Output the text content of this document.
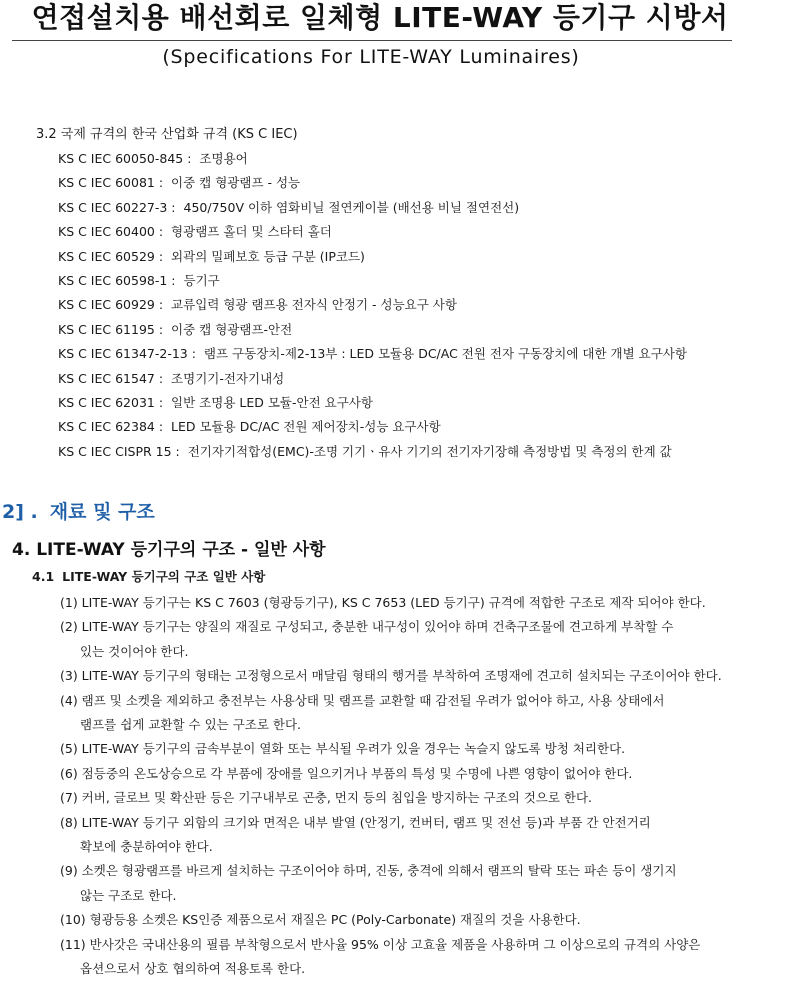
연접설치용 배선회로 일체형 LITE-WAY 등기구 시방서
(Specifications For LITE-WAY Luminaires)
3.2 국제 규격의 한국 산업화 규격 (KS C IEC)
KS C IEC 60050-845 : 조명용어
KS C IEC 60081 : 이중 캡 형광램프 - 성능
KS C IEC 60227-3 : 450/750V 이하 염화비닐 절연케이블 (배선용 비닐 절연전선)
KS C IEC 60400 : 형광램프 홀더 및 스타터 홀더
KS C IEC 60529 : 외곽의 밀폐보호 등급 구분 (IP코드)
KS C IEC 60598-1 : 등기구
KS C IEC 60929 : 교류입력 형광 램프용 전자식 안정기 - 성능요구 사항
KS C IEC 61195 : 이중 캡 형광램프-안전
KS C IEC 61347-2-13 : 램프 구동장치-제2-13부 : LED 모듈용 DC/AC 전원 전자 구동장치에 대한 개별 요구사항
KS C IEC 61547 : 조명기기-전자기내성
KS C IEC 62031 : 일반 조명용 LED 모듈-안전 요구사항
KS C IEC 62384 : LED 모듈용 DC/AC 전원 제어장치-성능 요구사항
KS C IEC CISPR 15 : 전기자기적합성(EMC)-조명 기기ㆍ유사 기기의 전기자기장해 측정방법 및 측정의 한계 값
2] . 재료 및 구조
4. LITE-WAY 등기구의 구조 - 일반 사항
4.1 LITE-WAY 등기구의 구조 일반 사항
(1) LITE-WAY 등기구는 KS C 7603 (형광등기구), KS C 7653 (LED 등기구) 규격에 적합한 구조로 제작 되어야 한다.
(2) LITE-WAY 등기구는 양질의 재질로 구성되고, 충분한 내구성이 있어야 하며 건축구조물에 견고하게 부착할 수
있는 것이어야 한다.
(3) LITE-WAY 등기구의 형태는 고정형으로서 매달림 형태의 행거를 부착하여 조명재에 견고히 설치되는 구조이어야 한다.
(4) 램프 및 소켓을 제외하고 충전부는 사용상태 및 램프를 교환할 때 감전될 우려가 없어야 하고, 사용 상태에서
램프를 쉽게 교환할 수 있는 구조로 한다.
(5) LITE-WAY 등기구의 금속부분이 열화 또는 부식될 우려가 있을 경우는 녹슬지 않도록 방청 처리한다.
(6) 점등중의 온도상승으로 각 부품에 장애를 일으키거나 부품의 특성 및 수명에 나쁜 영향이 없어야 한다.
(7) 커버, 글로브 및 확산판 등은 기구내부로 곤충, 먼지 등의 침입을 방지하는 구조의 것으로 한다.
(8) LITE-WAY 등기구 외함의 크기와 면적은 내부 발열 (안정기, 컨버터, 램프 및 전선 등)과 부품 간 안전거리
확보에 충분하여야 한다.
(9) 소켓은 형광램프를 바르게 설치하는 구조이어야 하며, 진동, 충격에 의해서 램프의 탈락 또는 파손 등이 생기지
않는 구조로 한다.
(10) 형광등용 소켓은 KS인증 제품으로서 재질은 PC (Poly-Carbonate) 재질의 것을 사용한다.
(11) 반사갓은 국내산용의 필름 부착형으로서 반사율 95% 이상 고효율 제품을 사용하며 그 이상으로의 규격의 사양은
옵션으로서 상호 협의하여 적용토록 한다.
